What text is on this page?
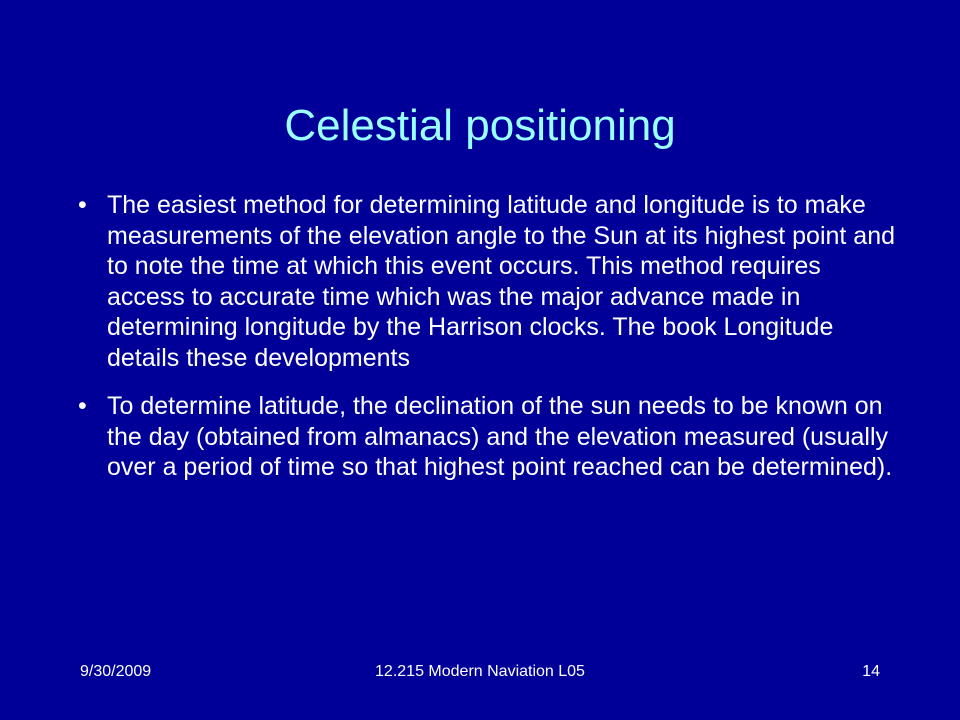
Celestial positioning
• The easiest method for determining latitude and longitude is to make measurements of the elevation angle to the Sun at its highest point and to note the time at which this event occurs. This method requires access to accurate time which was the major advance made in determining longitude by the Harrison clocks. The book Longitude details these developments
• To determine latitude, the declination of the sun needs to be known on the day (obtained from almanacs) and the elevation measured (usually over a period of time so that highest point reached can be determined).
9/30/2009	12.215 Modern Naviation L05	14
